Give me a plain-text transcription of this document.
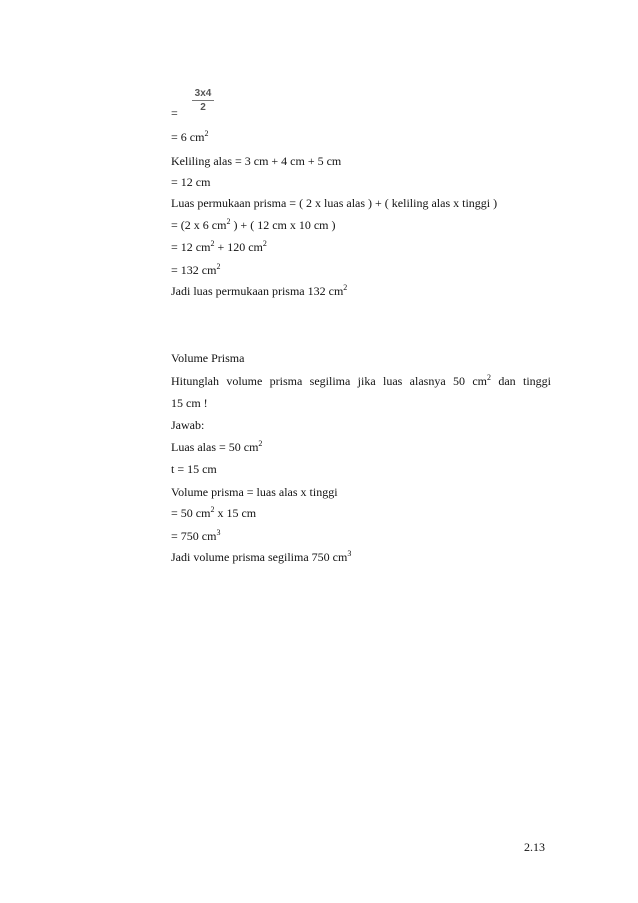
$\frac{3x4}{2}$
=
= 6 $cm^2$
Keliling alas = 3 cm + 4 cm + 5 cm
= 12 cm
Luas permukaan prisma = ( 2 x luas alas ) + ( keliling alas x tinggi )
= (2 x 6 $cm^2$ ) + ( 12 cm x 10 cm )
= 12 $cm^2 + 120$ $cm^2$
= 132 $cm^2$
Jadi luas permukaan prisma 132 $cm^2$
Volume Prisma
Hitunglah volume prisma segilima jika luas alasnya 50 $cm^2$ dan tinggi
15 cm !
Jawab:
Luas alas = 50 $cm^2$
t = 15 cm
Volume prisma = luas alas x tinggi
= 50 $cm^2$ x 15 cm
= 750 $cm^3$
Jadi volume prisma segilima 750 $cm^3$
2.13
